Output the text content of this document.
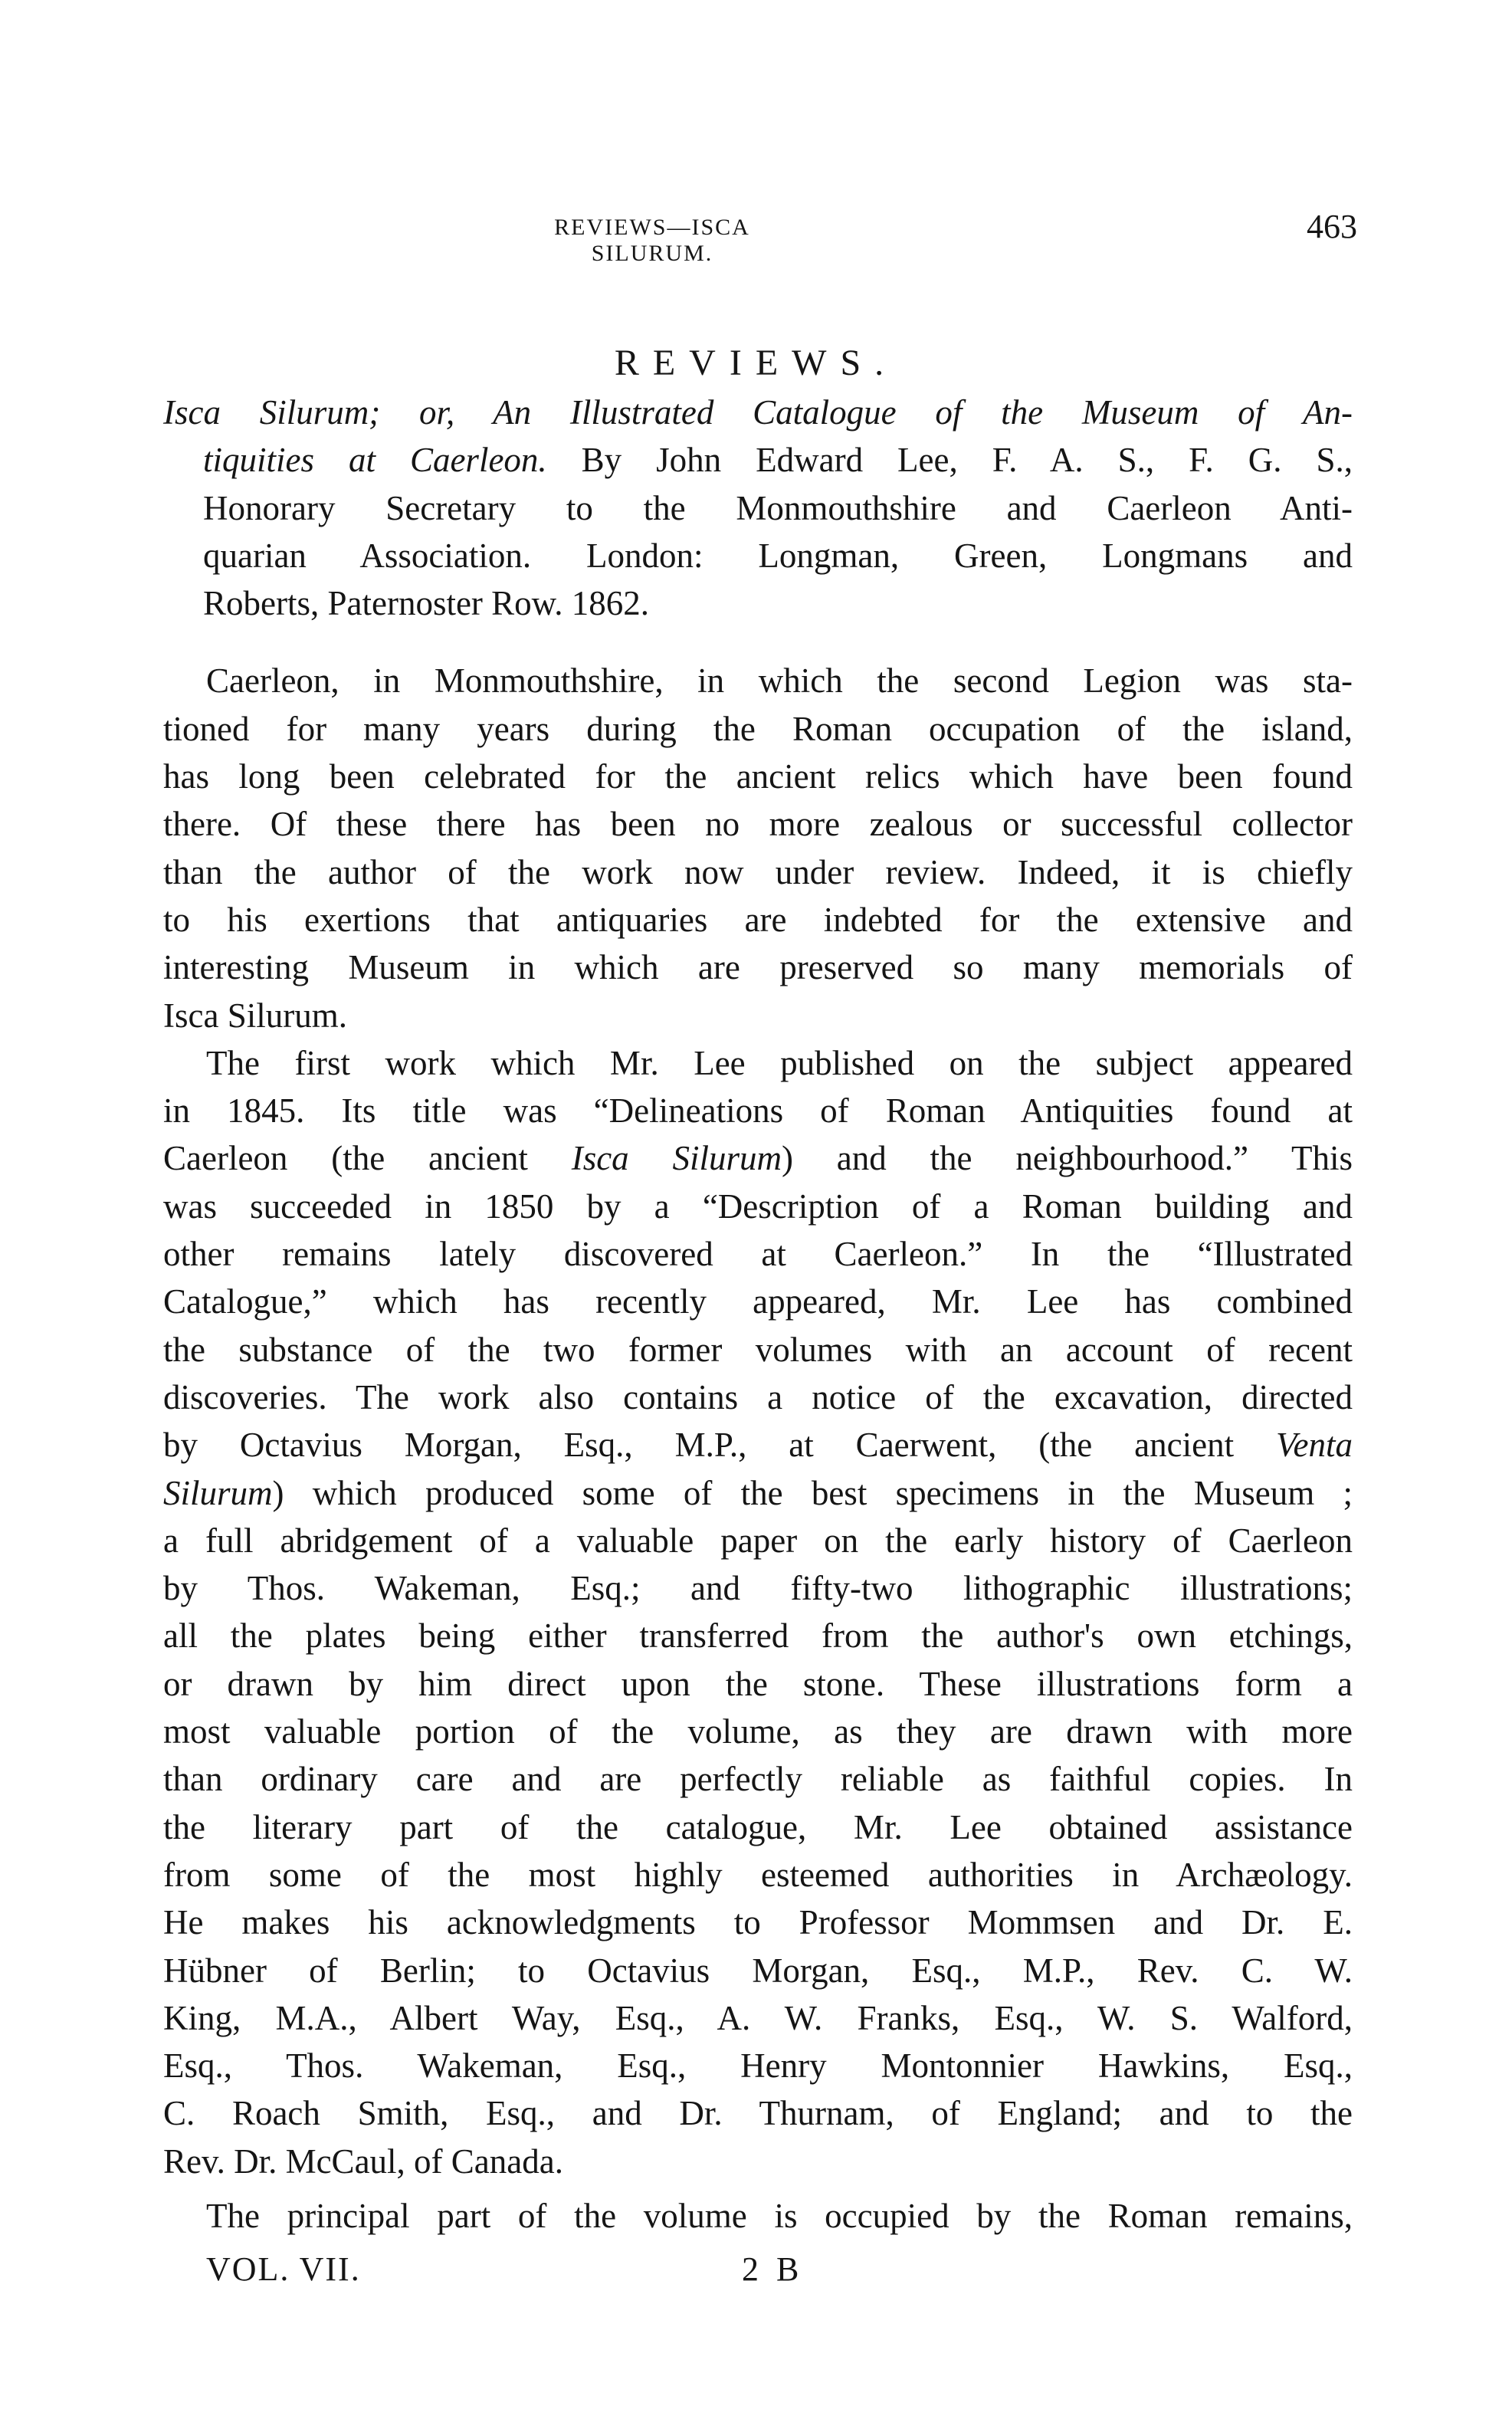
REVIEWS—ISCA SILURUM.
463
REVIEWS.
Isca Silurum; or, An Illustrated Catalogue of the Museum of An-
tiquities at Caerleon. By John Edward Lee, F. A. S., F. G. S.,
Honorary Secretary to the Monmouthshire and Caerleon Anti-
quarian Association. London: Longman, Green, Longmans and
Roberts, Paternoster Row. 1862.
Caerleon, in Monmouthshire, in which the second Legion was sta-
tioned for many years during the Roman occupation of the island,
has long been celebrated for the ancient relics which have been found
there. Of these there has been no more zealous or successful collector
than the author of the work now under review. Indeed, it is chiefly
to his exertions that antiquaries are indebted for the extensive and
interesting Museum in which are preserved so many memorials of
Isca Silurum.
The first work which Mr. Lee published on the subject appeared
in 1845. Its title was “Delineations of Roman Antiquities found at
Caerleon (the ancient Isca Silurum) and the neighbourhood.” This
was succeeded in 1850 by a “Description of a Roman building and
other remains lately discovered at Caerleon.” In the “Illustrated
Catalogue,” which has recently appeared, Mr. Lee has combined
the substance of the two former volumes with an account of recent
discoveries. The work also contains a notice of the excavation, directed
by Octavius Morgan, Esq., M.P., at Caerwent, (the ancient Venta
Silurum) which produced some of the best specimens in the Museum ;
a full abridgement of a valuable paper on the early history of Caerleon
by Thos. Wakeman, Esq.; and fifty-two lithographic illustrations;
all the plates being either transferred from the author's own etchings,
or drawn by him direct upon the stone. These illustrations form a
most valuable portion of the volume, as they are drawn with more
than ordinary care and are perfectly reliable as faithful copies. In
the literary part of the catalogue, Mr. Lee obtained assistance
from some of the most highly esteemed authorities in Archæology.
He makes his acknowledgments to Professor Mommsen and Dr. E.
Hübner of Berlin; to Octavius Morgan, Esq., M.P., Rev. C. W.
King, M.A., Albert Way, Esq., A. W. Franks, Esq., W. S. Walford,
Esq., Thos. Wakeman, Esq., Henry Montonnier Hawkins, Esq.,
C. Roach Smith, Esq., and Dr. Thurnam, of England; and to the
Rev. Dr. McCaul, of Canada.
The principal part of the volume is occupied by the Roman remains,
VOL. VII.	2 B
